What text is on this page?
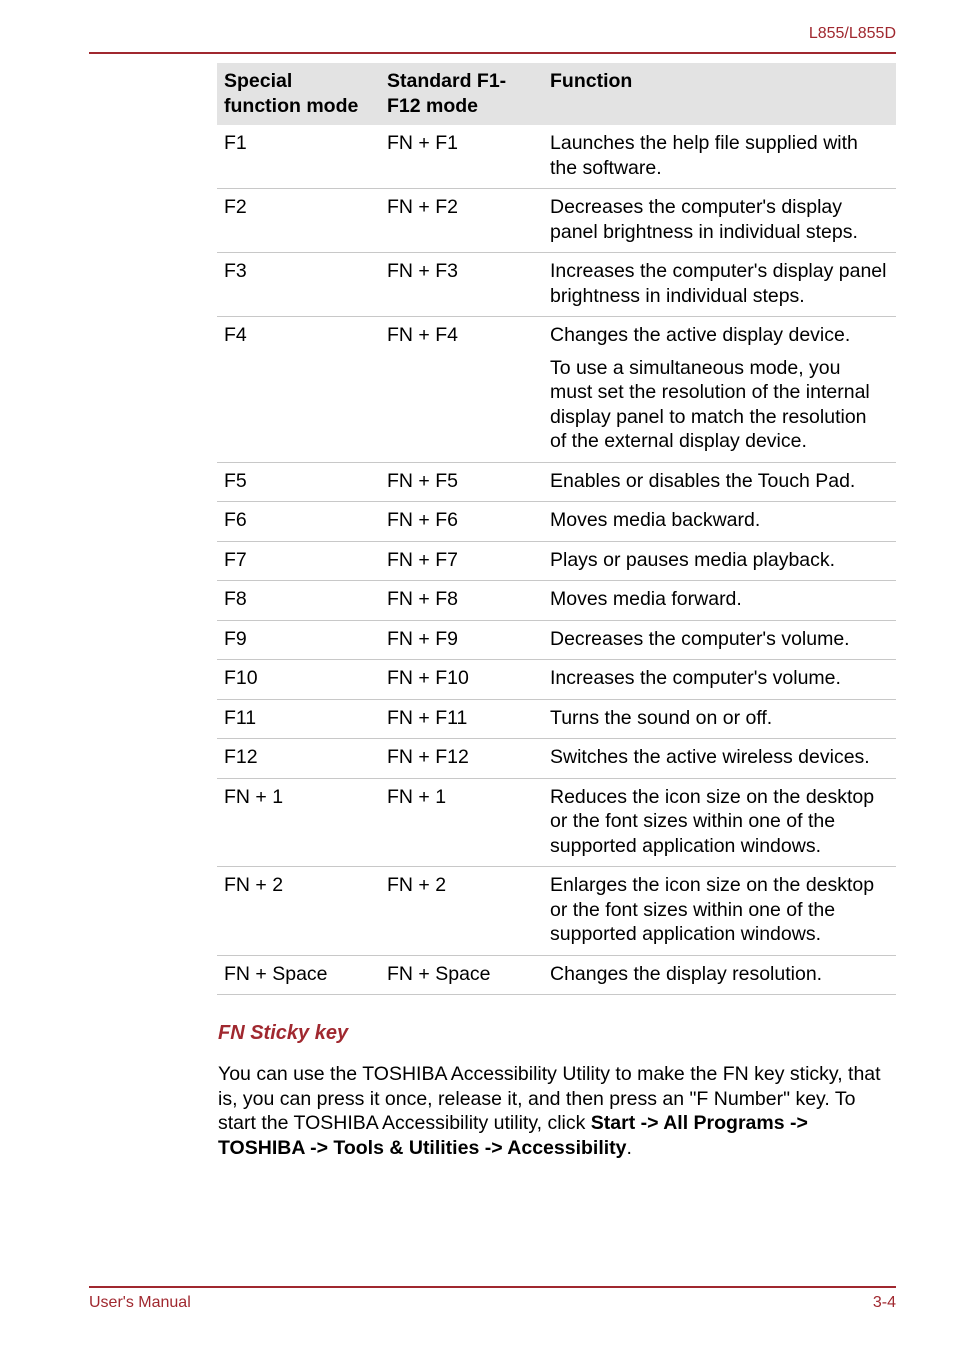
L855/L855D
Special function mode	Standard F1-F12 mode	Function
F1	FN + F1	Launches the help file supplied with the software.

F2	FN + F2	Decreases the computer's display panel brightness in individual steps.

F3	FN + F3	Increases the computer's display panel brightness in individual steps.

F4	FN + F4	Changes the active display device.
To use a simultaneous mode, you must set the resolution of the internal display panel to match the resolution of the external display device.

F5	FN + F5	Enables or disables the Touch Pad.

F6	FN + F6	Moves media backward.

F7	FN + F7	Plays or pauses media playback.

F8	FN + F8	Moves media forward.

F9	FN + F9	Decreases the computer's volume.

F10	FN + F10	Increases the computer's volume.

F11	FN + F11	Turns the sound on or off.

F12	FN + F12	Switches the active wireless devices.

FN + 1	FN + 1	Reduces the icon size on the desktop or the font sizes within one of the supported application windows.

FN + 2	FN + 2	Enlarges the icon size on the desktop or the font sizes within one of the supported application windows.

FN + Space	FN + Space	Changes the display resolution.
FN Sticky key
You can use the TOSHIBA Accessibility Utility to make the FN key sticky, that is, you can press it once, release it, and then press an "F Number" key. To start the TOSHIBA Accessibility utility, click Start -> All Programs -> TOSHIBA -> Tools & Utilities -> Accessibility.
User's Manual	3-4
